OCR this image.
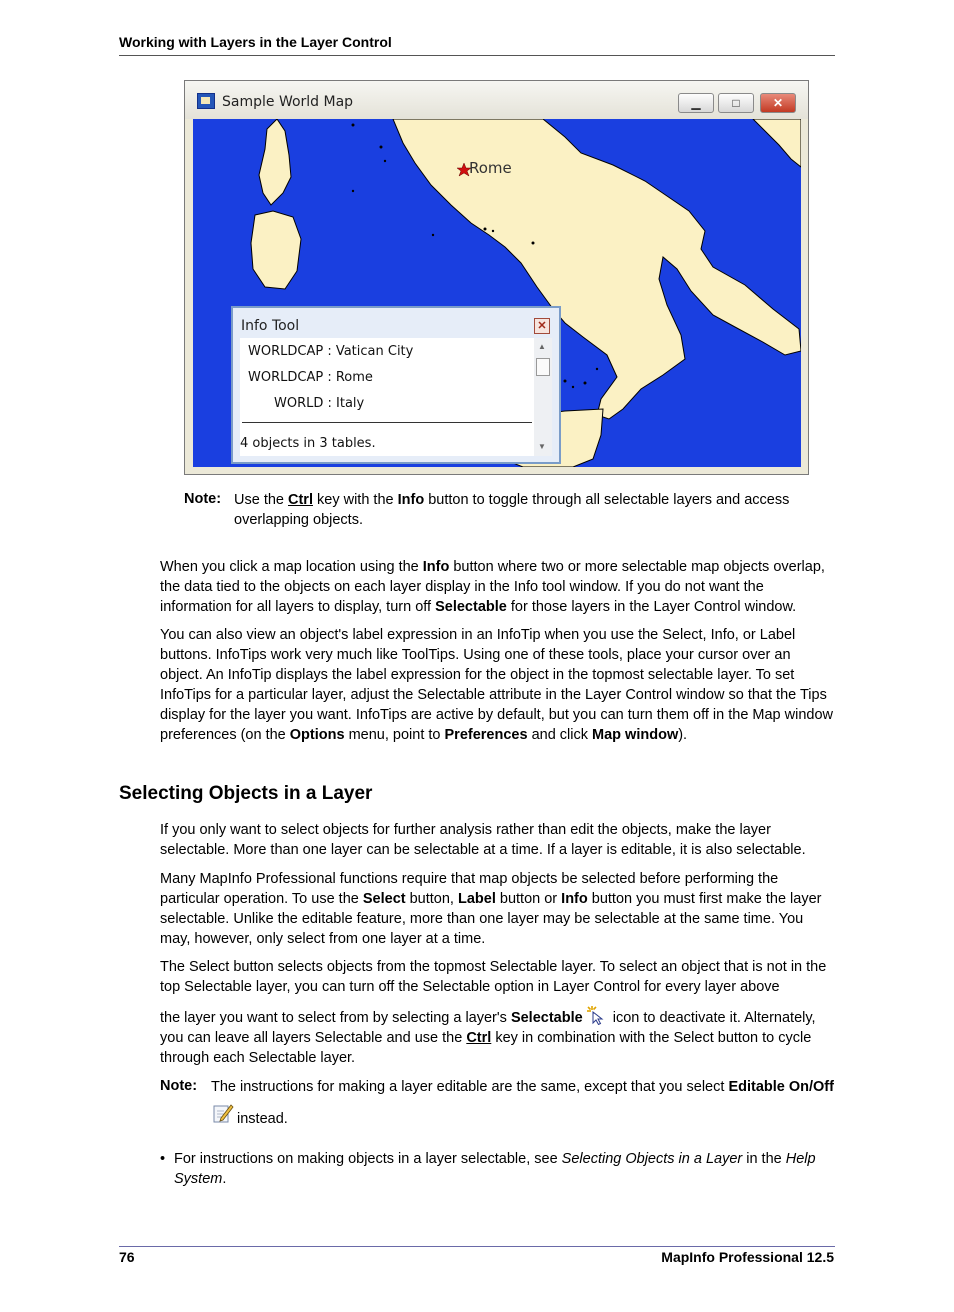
Working with Layers in the Layer Control
Sample World Map	▁	□	✕
Rome
Info Tool	✕
WORLDCAP : Vatican City
WORLDCAP : Rome
WORLD : Italy
4 objects in 3 tables.
▲
▼
Note: Use the Ctrl key with the Info button to toggle through all selectable layers and access overlapping objects.
When you click a map location using the Info button where two or more selectable map objects overlap, the data tied to the objects on each layer display in the Info tool window. If you do not want the information for all layers to display, turn off Selectable for those layers in the Layer Control window.
You can also view an object's label expression in an InfoTip when you use the Select, Info, or Label buttons. InfoTips work very much like ToolTips. Using one of these tools, place your cursor over an object. An InfoTip displays the label expression for the object in the topmost selectable layer. To set InfoTips for a particular layer, adjust the Selectable attribute in the Layer Control window so that the Tips display for the layer you want. InfoTips are active by default, but you can turn them off in the Map window preferences (on the Options menu, point to Preferences and click Map window).
Selecting Objects in a Layer
If you only want to select objects for further analysis rather than edit the objects, make the layer selectable. More than one layer can be selectable at a time. If a layer is editable, it is also selectable.
Many MapInfo Professional functions require that map objects be selected before performing the particular operation. To use the Select button, Label button or Info button you must first make the layer selectable. Unlike the editable feature, more than one layer may be selectable at the same time. You may, however, only select from one layer at a time.
The Select button selects objects from the topmost Selectable layer. To select an object that is not in the top Selectable layer, you can turn off the Selectable option in Layer Control for every layer above
the layer you want to select from by selecting a layer's Selectable icon to deactivate it. Alternately, you can leave all layers Selectable and use the Ctrl key in combination with the Select button to cycle through each Selectable layer.
Note: The instructions for making a layer editable are the same, except that you select Editable On/Off
instead.
• For instructions on making objects in a layer selectable, see Selecting Objects in a Layer in the Help System.
76	MapInfo Professional 12.5
